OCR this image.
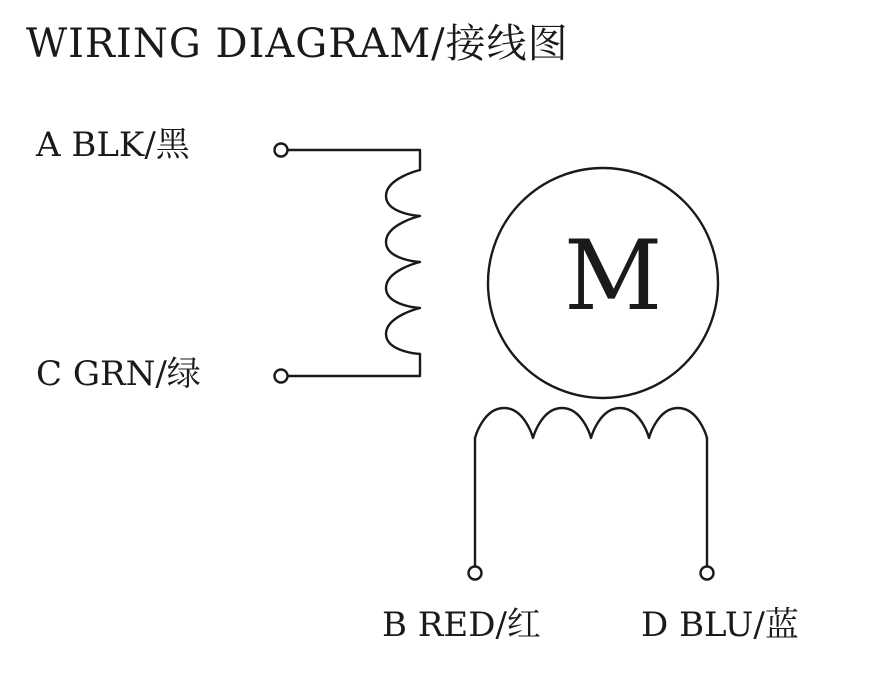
WIRING DIAGRAM/接线图
M
A BLK/黑
C GRN/绿
B RED/红	D BLU/蓝
